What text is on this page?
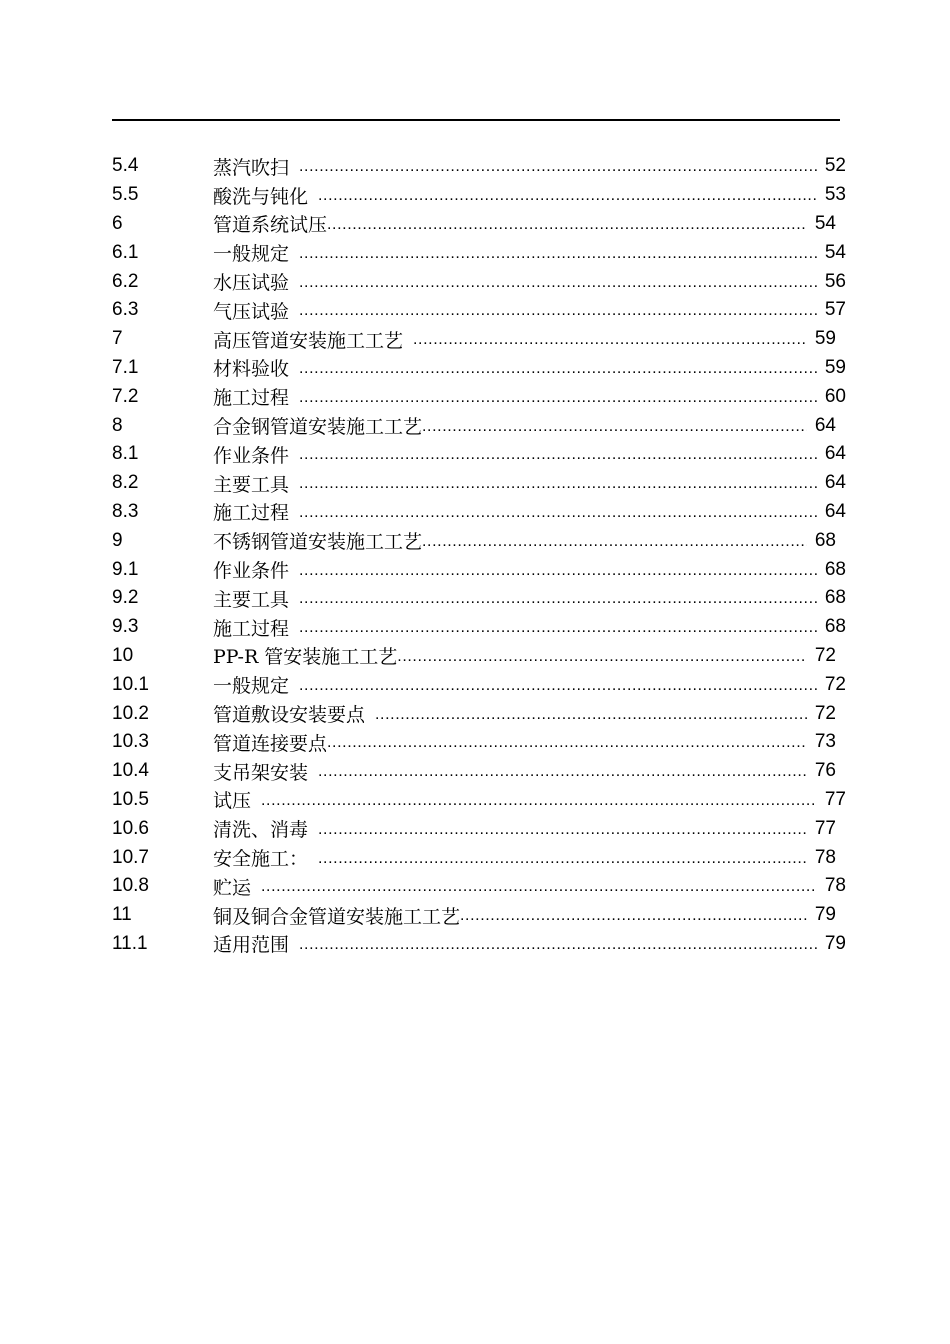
5.4	蒸汽吹扫 .....	52
5.5	酸洗与钝化 .....	53
6	管道系统试压 .....	54
6.1	一般规定 .....	54
6.2	水压试验 .....	56
6.3	气压试验 .....	57
7	高压管道安装施工工艺 .....	59
7.1	材料验收 .....	59
7.2	施工过程 .....	60
8	合金钢管道安装施工工艺 .....	64
8.1	作业条件 .....	64
8.2	主要工具 .....	64
8.3	施工过程 .....	64
9	不锈钢管道安装施工工艺 .....	68
9.1	作业条件 .....	68
9.2	主要工具 .....	68
9.3	施工过程 .....	68
10	PP-R 管安装施工工艺 .....	72
10.1	一般规定 .....	72
10.2	管道敷设安装要点 .....	72
10.3	管道连接要点 .....	73
10.4	支吊架安装 .....	76
10.5	试压 .....	77
10.6	清洗、消毒 .....	77
10.7	安全施工： .....	78
10.8	贮运 .....	78
11	铜及铜合金管道安装施工工艺 .....	79
11.1	适用范围 .....	79
